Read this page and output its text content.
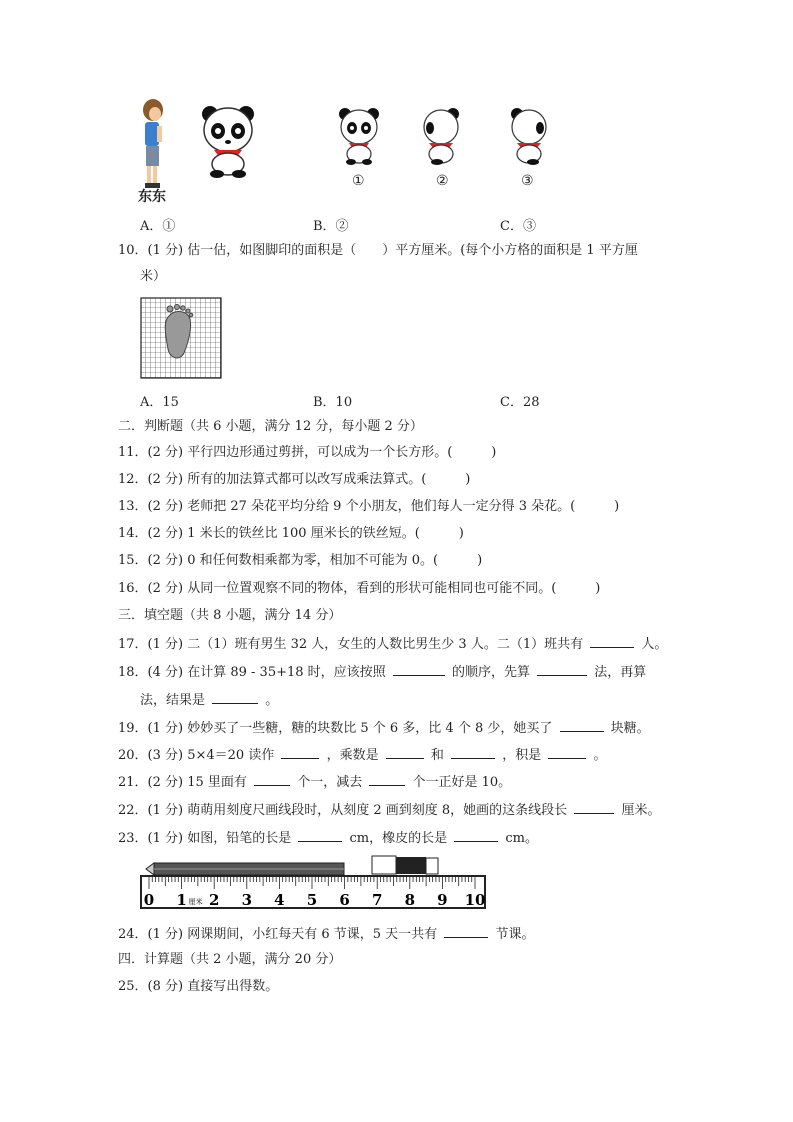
东东
①	②	③
A．①	B．②	C．③
10．(1 分) 估一估，如图脚印的面积是（　　）平方厘米。(每个小方格的面积是 1 平方厘
米）
A．15	B．10	C．28
二．判断题（共 6 小题，满分 12 分，每小题 2 分）
11．(2 分) 平行四边形通过剪拼，可以成为一个长方形。(　　　)
12．(2 分) 所有的加法算式都可以改写成乘法算式。(　　　)
13．(2 分) 老师把 27 朵花平均分给 9 个小朋友，他们每人一定分得 3 朵花。(　　　)
14．(2 分) 1 米长的铁丝比 100 厘米长的铁丝短。(　　　)
15．(2 分) 0 和任何数相乘都为零，相加不可能为 0。(　　　)
16．(2 分) 从同一位置观察不同的物体，看到的形状可能相同也可能不同。(　　　)
三．填空题（共 8 小题，满分 14 分）
17．(1 分) 二（1）班有男生 32 人，女生的人数比男生少 3 人。二（1）班共有	人。
18．(4 分) 在计算 89 - 35+18 时，应该按照	的顺序，先算	法，再算
法，结果是	。
19．(1 分) 妙妙买了一些糖，糖的块数比 5 个 6 多，比 4 个 8 少，她买了	块糖。
20．(3 分) 5×4＝20 读作	，乘数是	和	，积是	。
21．(2 分) 15 里面有	个一，减去	个一正好是 10。
22．(1 分) 萌萌用刻度尺画线段时，从刻度 2 画到刻度 8，她画的这条线段长	厘米。
23．(1 分) 如图，铅笔的长是	cm，橡皮的长是	cm。
0 1 2 3 4 5 6 7 8 9 10
厘米
24．(1 分) 网课期间，小红每天有 6 节课，5 天一共有	节课。
四．计算题（共 2 小题，满分 20 分）
25．(8 分) 直接写出得数。
